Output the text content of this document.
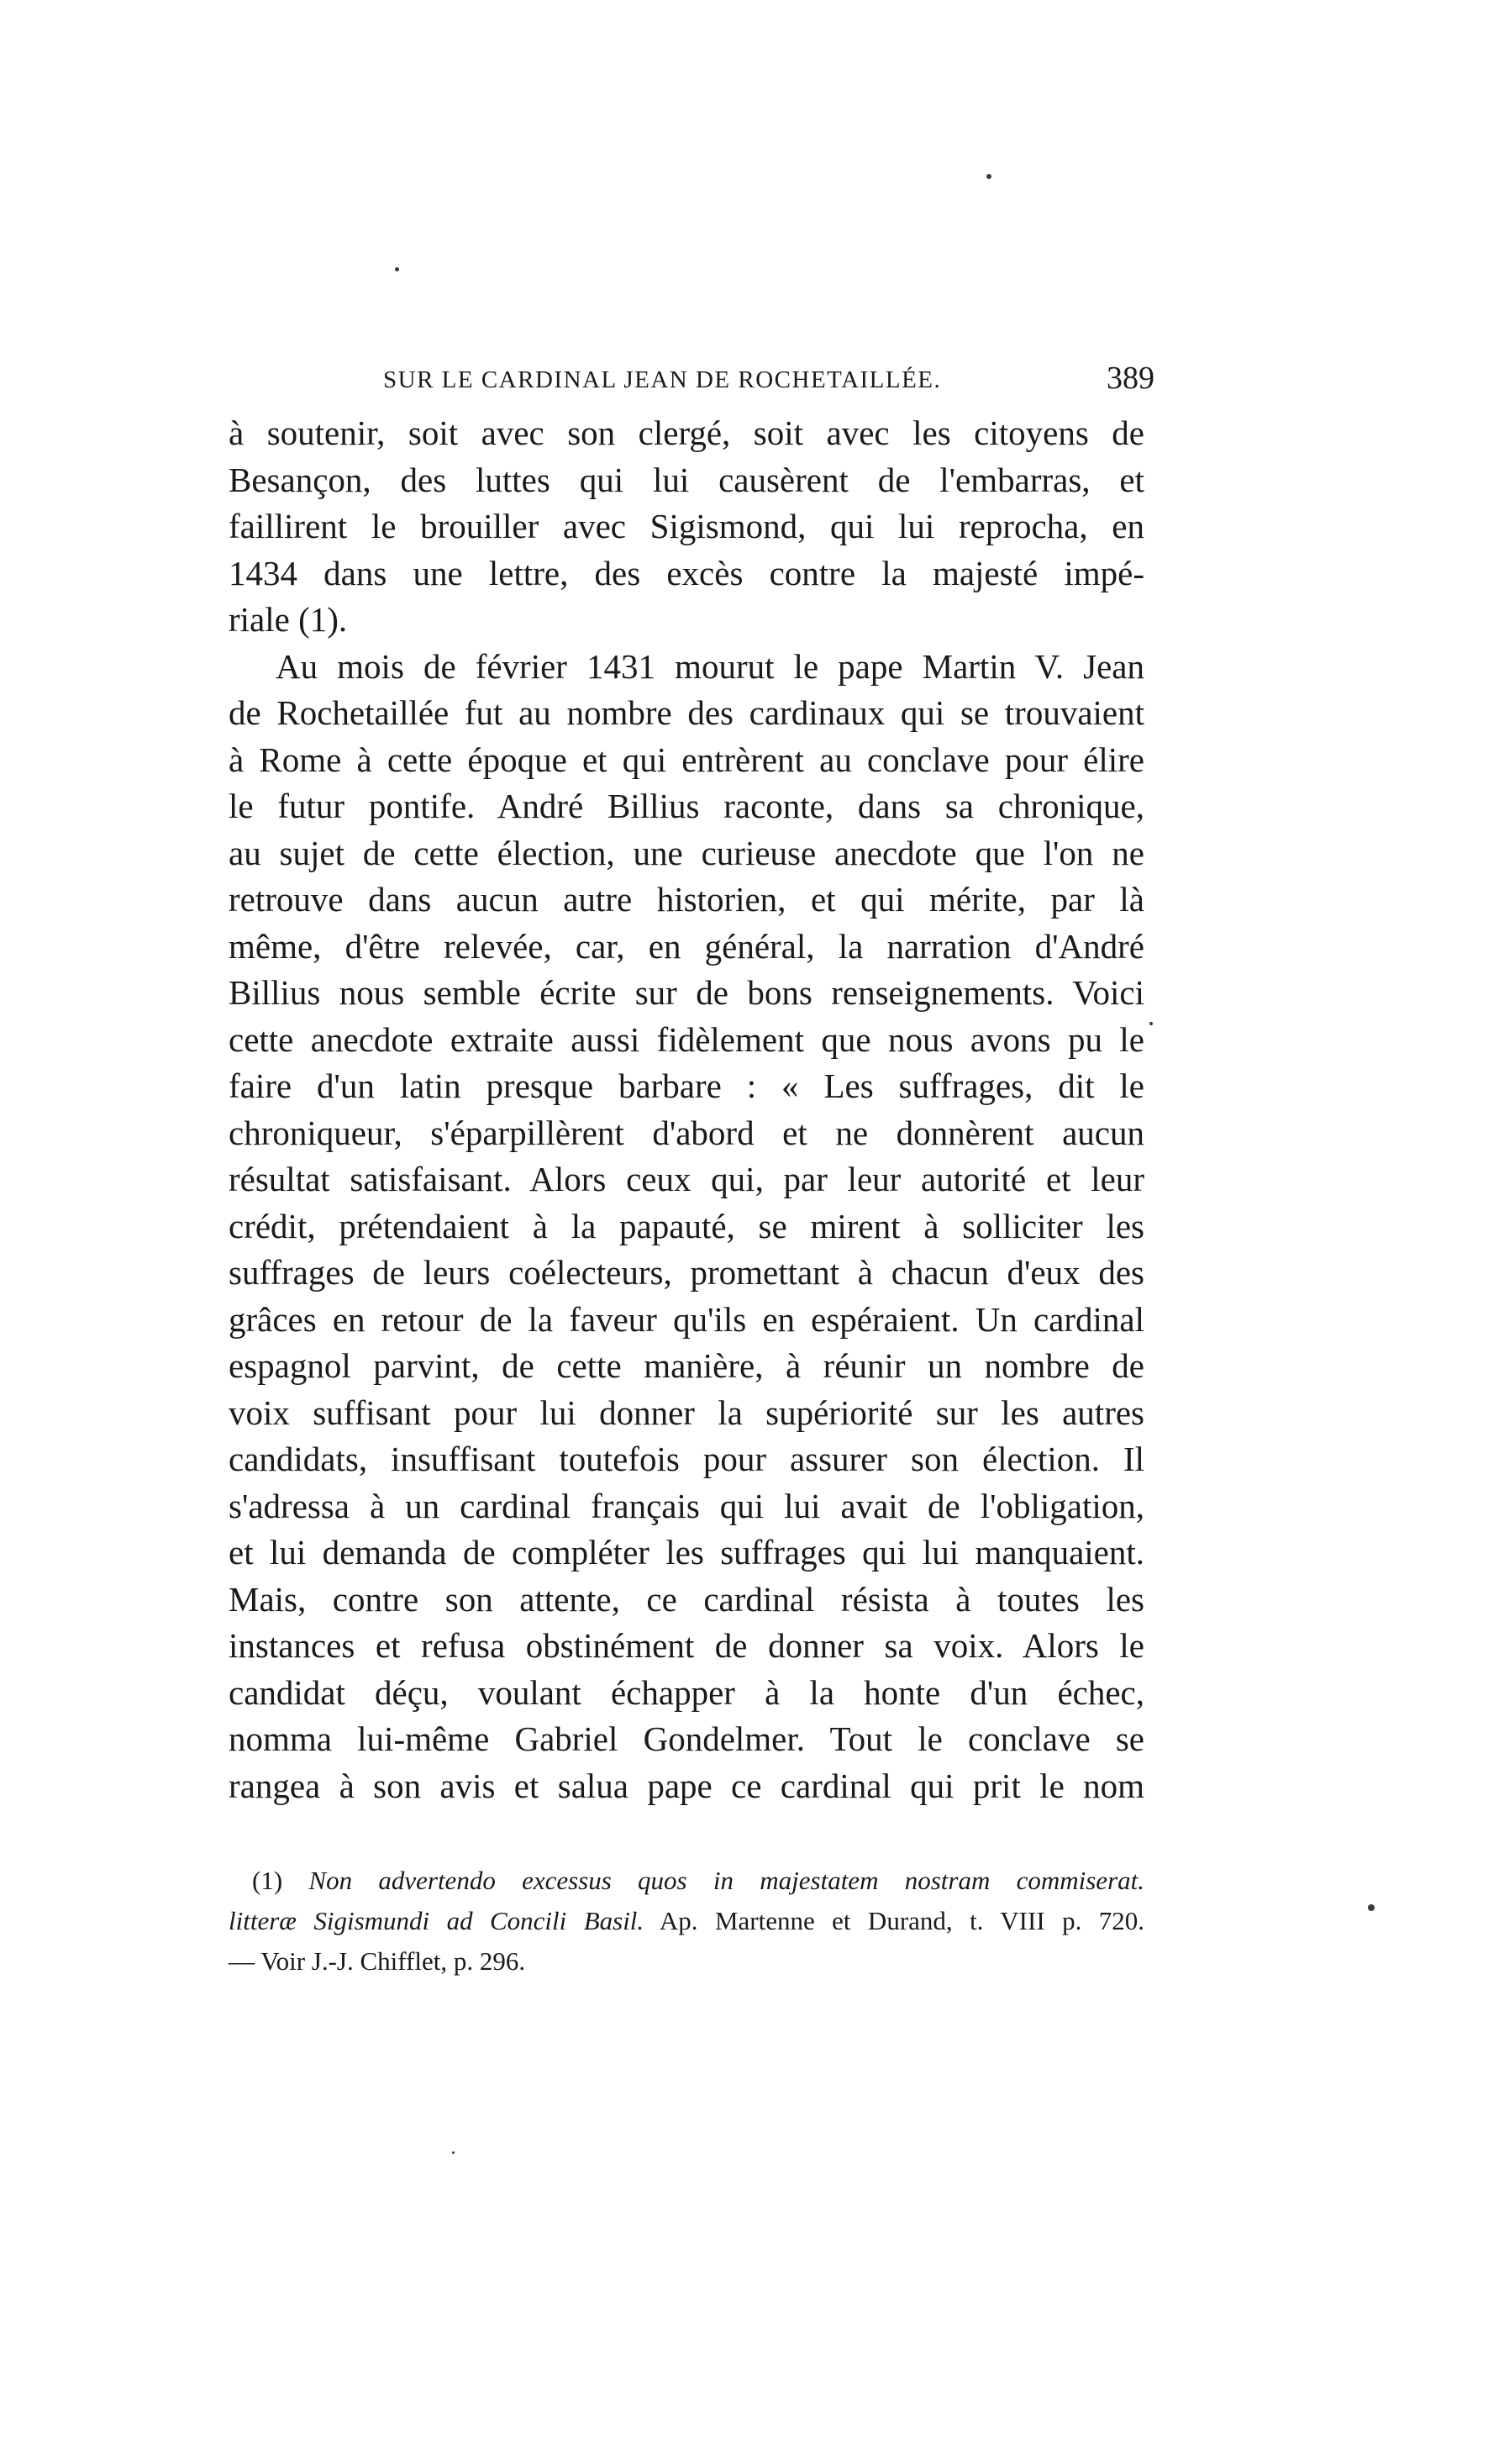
SUR LE CARDINAL JEAN DE ROCHETAILLÉE.	389
à soutenir, soit avec son clergé, soit avec les citoyens de
Besançon, des luttes qui lui causèrent de l'embarras, et
faillirent le brouiller avec Sigismond, qui lui reprocha, en
1434 dans une lettre, des excès contre la majesté impé-
riale (1).
Au mois de février 1431 mourut le pape Martin V. Jean
de Rochetaillée fut au nombre des cardinaux qui se trouvaient
à Rome à cette époque et qui entrèrent au conclave pour élire
le futur pontife. André Billius raconte, dans sa chronique,
au sujet de cette élection, une curieuse anecdote que l'on ne
retrouve dans aucun autre historien, et qui mérite, par là
même, d'être relevée, car, en général, la narration d'André
Billius nous semble écrite sur de bons renseignements. Voici
cette anecdote extraite aussi fidèlement que nous avons pu le
faire d'un latin presque barbare : « Les suffrages, dit le
chroniqueur, s'éparpillèrent d'abord et ne donnèrent aucun
résultat satisfaisant. Alors ceux qui, par leur autorité et leur
crédit, prétendaient à la papauté, se mirent à solliciter les
suffrages de leurs coélecteurs, promettant à chacun d'eux des
grâces en retour de la faveur qu'ils en espéraient. Un cardinal
espagnol parvint, de cette manière, à réunir un nombre de
voix suffisant pour lui donner la supériorité sur les autres
candidats, insuffisant toutefois pour assurer son élection. Il
s'adressa à un cardinal français qui lui avait de l'obligation,
et lui demanda de compléter les suffrages qui lui manquaient.
Mais, contre son attente, ce cardinal résista à toutes les
instances et refusa obstinément de donner sa voix. Alors le
candidat déçu, voulant échapper à la honte d'un échec,
nomma lui-même Gabriel Gondelmer. Tout le conclave se
rangea à son avis et salua pape ce cardinal qui prit le nom
(1) Non advertendo excessus quos in majestatem nostram commiserat.
litteræ Sigismundi ad Concili Basil. Ap. Martenne et Durand, t. VIII p. 720.
— Voir J.-J. Chifflet, p. 296.
